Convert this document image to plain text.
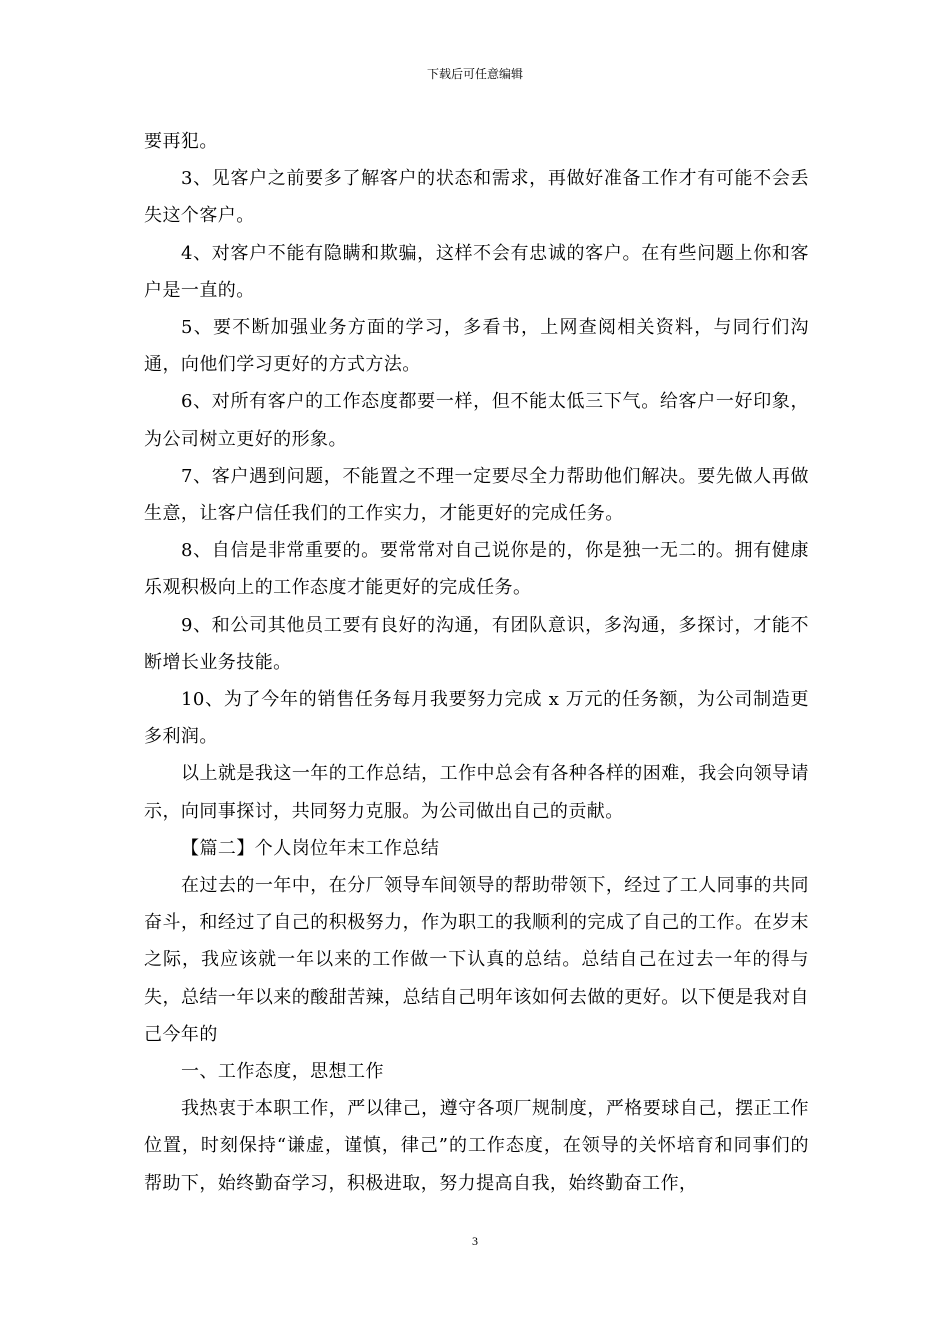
下载后可任意编辑

要再犯。

3、见客户之前要多了解客户的状态和需求，再做好准备工作才有可能不会丢失这个客户。

4、对客户不能有隐瞒和欺骗，这样不会有忠诚的客户。在有些问题上你和客户是一直的。

5、要不断加强业务方面的学习，多看书，上网查阅相关资料，与同行们沟通，向他们学习更好的方式方法。

6、对所有客户的工作态度都要一样，但不能太低三下气。给客户一好印象，为公司树立更好的形象。

7、客户遇到问题，不能置之不理一定要尽全力帮助他们解决。要先做人再做生意，让客户信任我们的工作实力，才能更好的完成任务。

8、自信是非常重要的。要常常对自己说你是的，你是独一无二的。拥有健康乐观积极向上的工作态度才能更好的完成任务。

9、和公司其他员工要有良好的沟通，有团队意识，多沟通，多探讨，才能不断增长业务技能。

10、为了今年的销售任务每月我要努力完成 x 万元的任务额，为公司制造更多利润。

以上就是我这一年的工作总结，工作中总会有各种各样的困难，我会向领导请示，向同事探讨，共同努力克服。为公司做出自己的贡献。

【篇二】个人岗位年末工作总结

在过去的一年中，在分厂领导车间领导的帮助带领下，经过了工人同事的共同奋斗，和经过了自己的积极努力，作为职工的我顺利的完成了自己的工作。在岁末之际，我应该就一年以来的工作做一下认真的总结。总结自己在过去一年的得与失，总结一年以来的酸甜苦辣，总结自己明年该如何去做的更好。以下便是我对自己今年的

一、工作态度，思想工作

我热衷于本职工作，严以律己，遵守各项厂规制度，严格要球自己，摆正工作位置，时刻保持“谦虚，谨慎，律己”的工作态度，在领导的关怀培育和同事们的帮助下，始终勤奋学习，积极进取，努力提高自我，始终勤奋工作，

3
